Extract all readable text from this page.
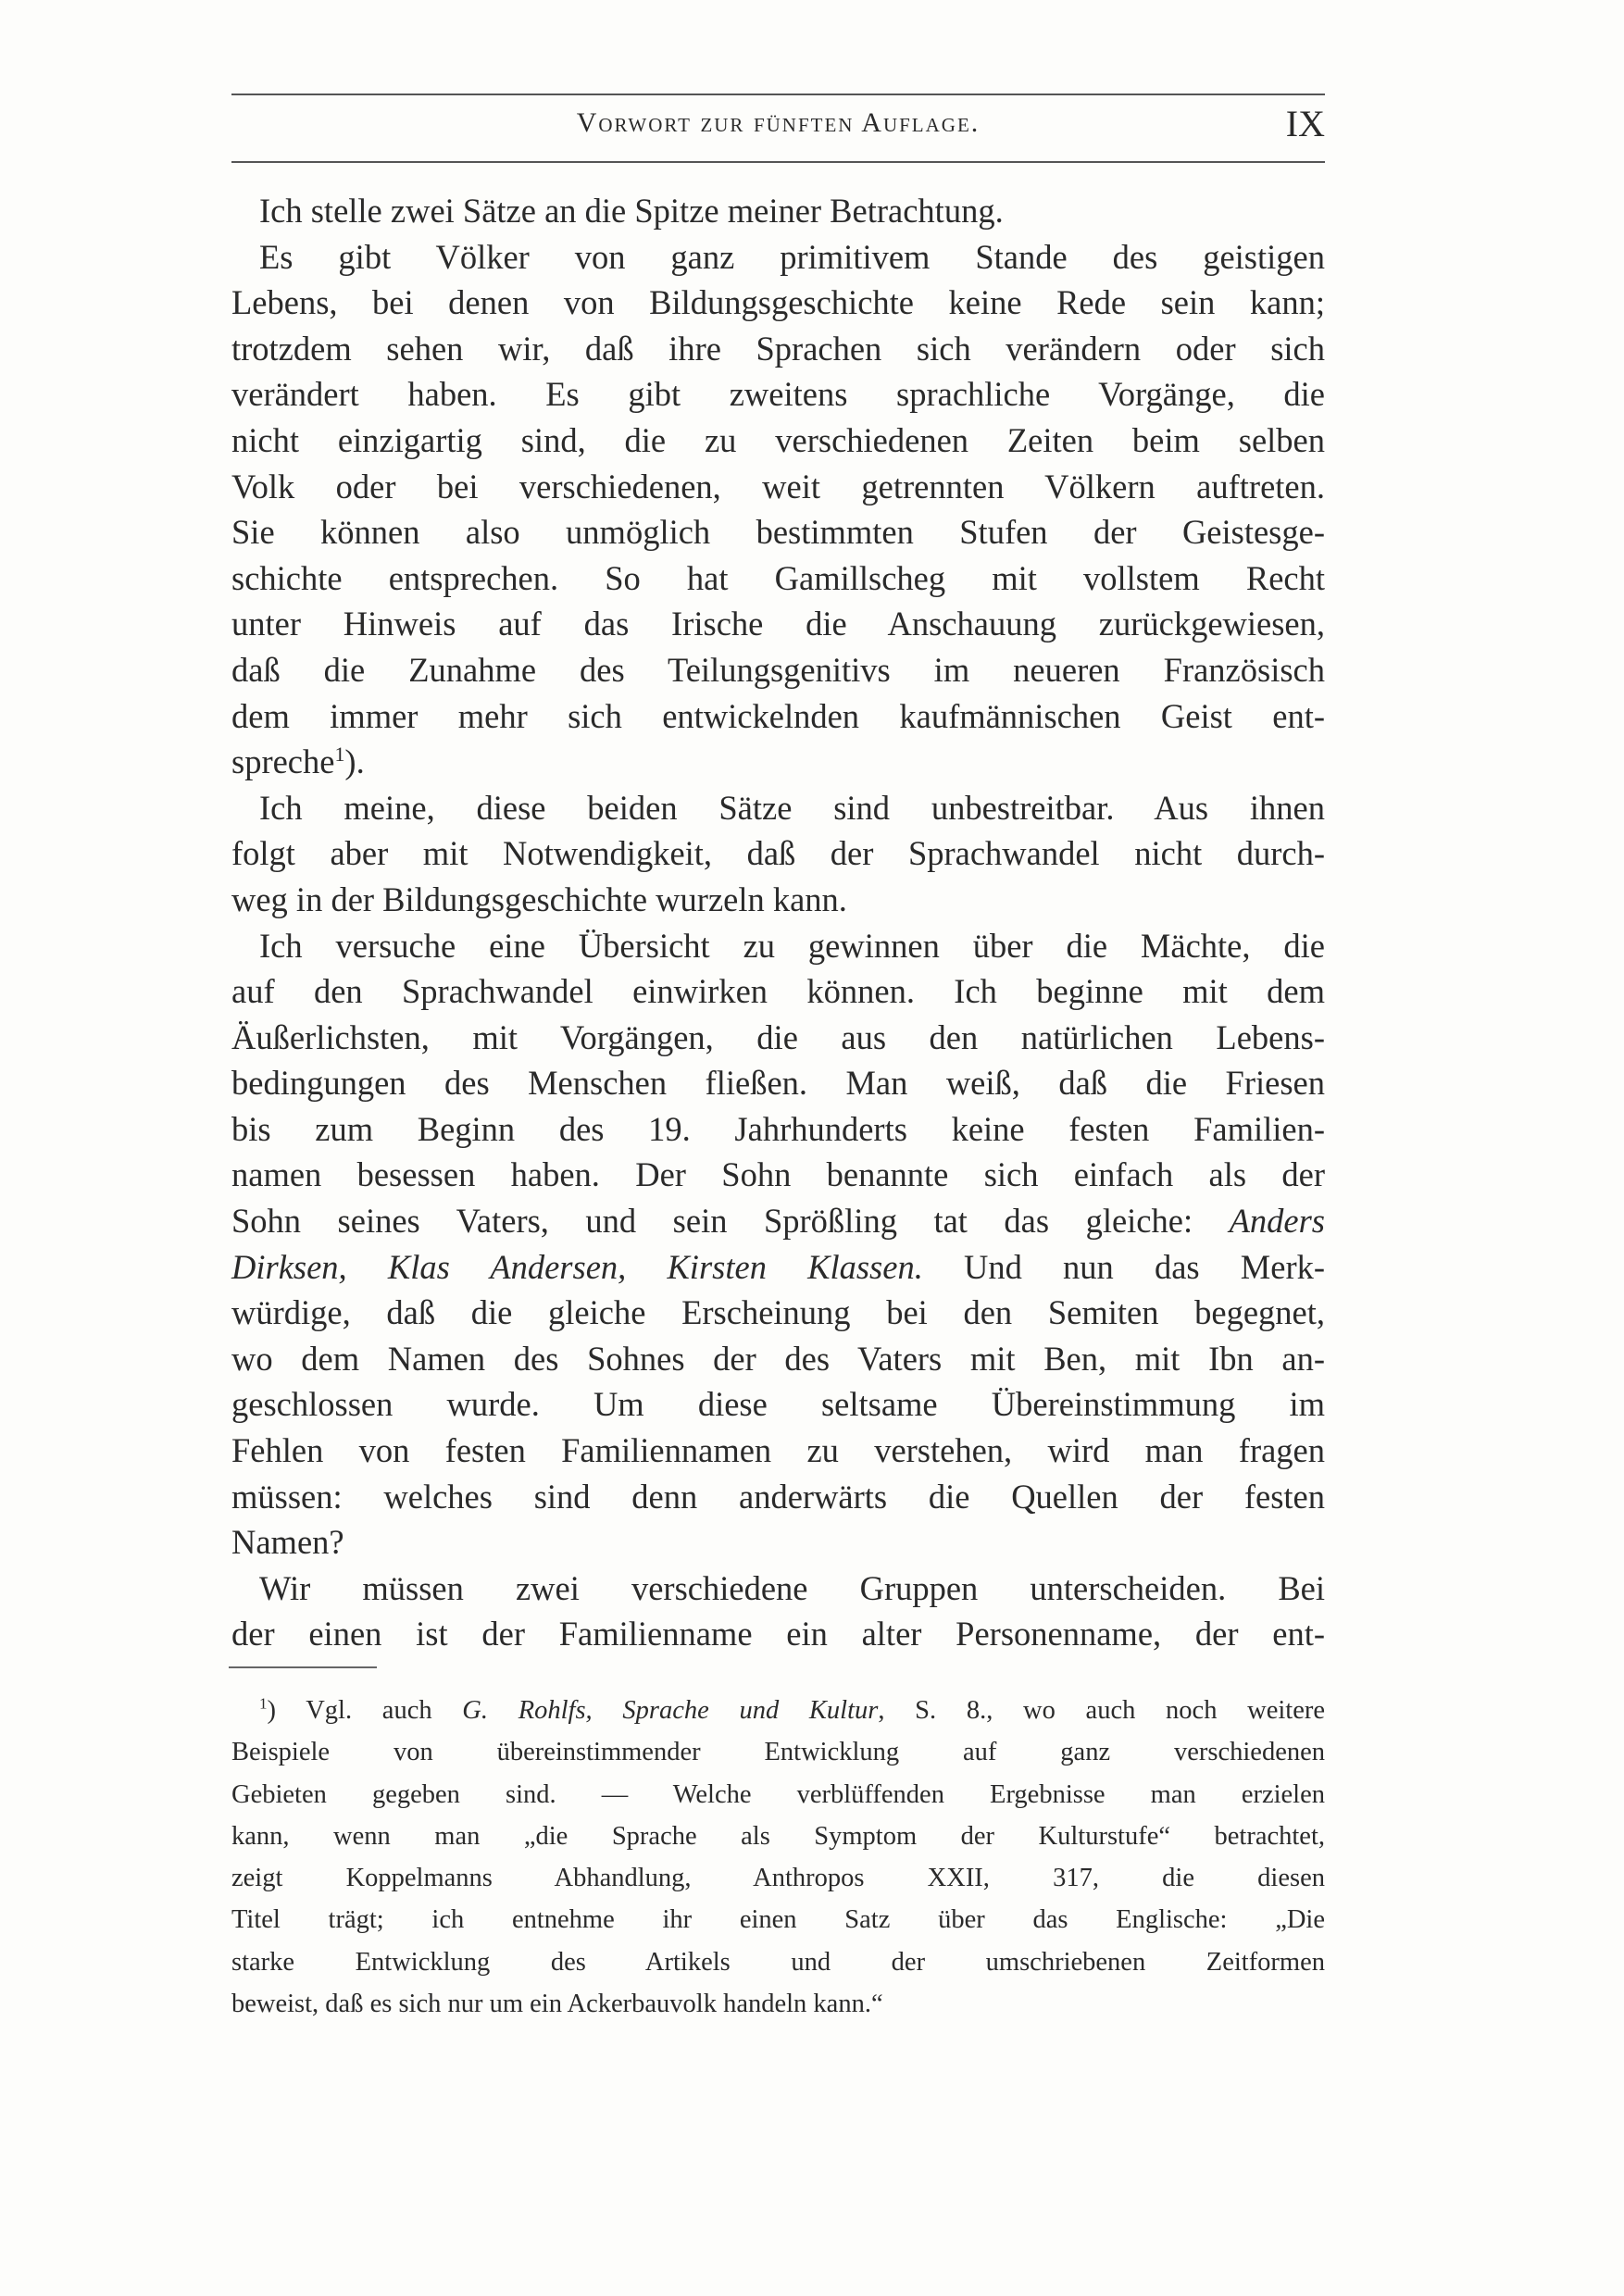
Vorwort zur fünften Auflage.	IX
Ich stelle zwei Sätze an die Spitze meiner Betrachtung.
Es gibt Völker von ganz primitivem Stande des geistigen
Lebens, bei denen von Bildungsgeschichte keine Rede sein kann;
trotzdem sehen wir, daß ihre Sprachen sich verändern oder sich
verändert haben. Es gibt zweitens sprachliche Vorgänge, die
nicht einzigartig sind, die zu verschiedenen Zeiten beim selben
Volk oder bei verschiedenen, weit getrennten Völkern auftreten.
Sie können also unmöglich bestimmten Stufen der Geistesge-
schichte entsprechen. So hat Gamillscheg mit vollstem Recht
unter Hinweis auf das Irische die Anschauung zurückgewiesen,
daß die Zunahme des Teilungsgenitivs im neueren Französisch
dem immer mehr sich entwickelnden kaufmännischen Geist ent-
spreche$^1$).
Ich meine, diese beiden Sätze sind unbestreitbar. Aus ihnen
folgt aber mit Notwendigkeit, daß der Sprachwandel nicht durch-
weg in der Bildungsgeschichte wurzeln kann.
Ich versuche eine Übersicht zu gewinnen über die Mächte, die
auf den Sprachwandel einwirken können. Ich beginne mit dem
Äußerlichsten, mit Vorgängen, die aus den natürlichen Lebens-
bedingungen des Menschen fließen. Man weiß, daß die Friesen
bis zum Beginn des 19. Jahrhunderts keine festen Familien-
namen besessen haben. Der Sohn benannte sich einfach als der
Sohn seines Vaters, und sein Sprößling tat das gleiche: Anders
Dirksen, Klas Andersen, Kirsten Klassen. Und nun das Merk-
würdige, daß die gleiche Erscheinung bei den Semiten begegnet,
wo dem Namen des Sohnes der des Vaters mit Ben, mit Ibn an-
geschlossen wurde. Um diese seltsame Übereinstimmung im
Fehlen von festen Familiennamen zu verstehen, wird man fragen
müssen: welches sind denn anderwärts die Quellen der festen
Namen?
Wir müssen zwei verschiedene Gruppen unterscheiden. Bei
der einen ist der Familienname ein alter Personenname, der ent-
$^1$) Vgl. auch G. Rohlfs, Sprache und Kultur, S. 8., wo auch noch weitere
Beispiele von übereinstimmender Entwicklung auf ganz verschiedenen
Gebieten gegeben sind. — Welche verblüffenden Ergebnisse man erzielen
kann, wenn man „die Sprache als Symptom der Kulturstufe“ betrachtet,
zeigt Koppelmanns Abhandlung, Anthropos XXII, 317, die diesen
Titel trägt; ich entnehme ihr einen Satz über das Englische: „Die
starke Entwicklung des Artikels und der umschriebenen Zeitformen
beweist, daß es sich nur um ein Ackerbauvolk handeln kann.“
